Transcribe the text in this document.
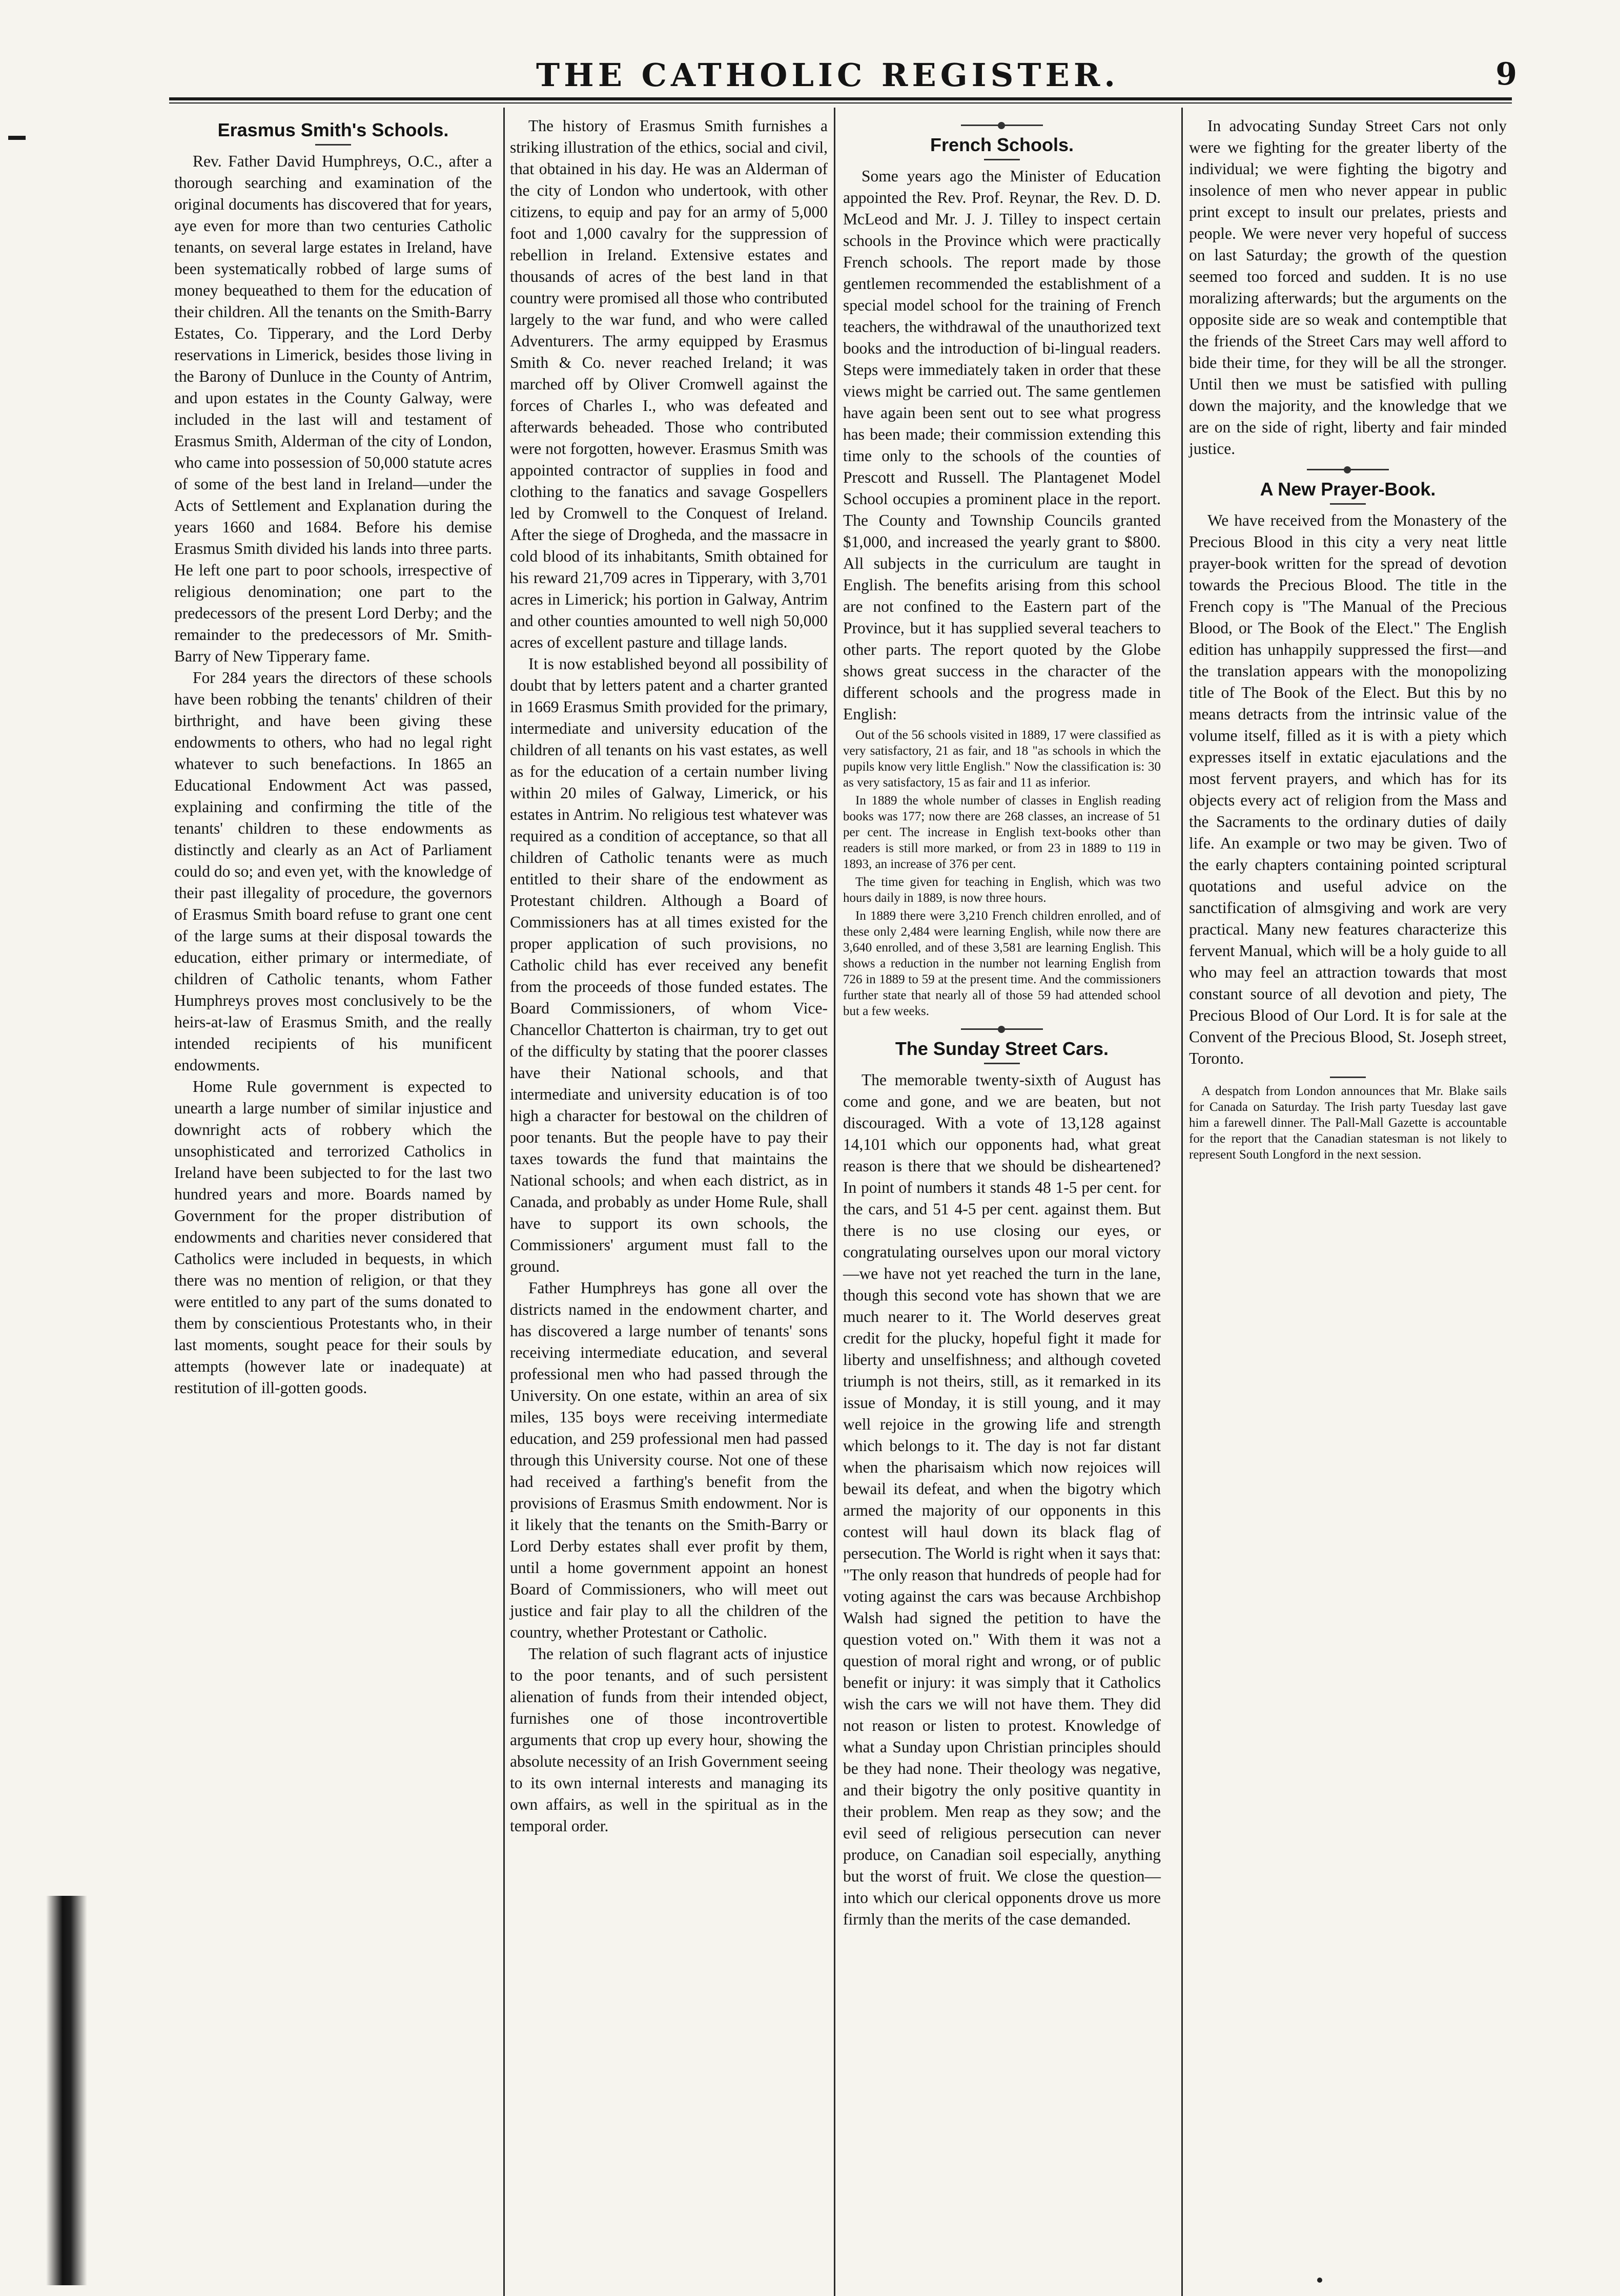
THE CATHOLIC REGISTER.	9
Erasmus Smith's Schools.

Rev. Father David Humphreys, O.C., after a thorough searching and examination of the original documents has discovered that for years, aye even for more than two centuries Catholic tenants, on several large estates in Ireland, have been systematically robbed of large sums of money bequeathed to them for the education of their children. All the tenants on the Smith-Barry Estates, Co. Tipperary, and the Lord Derby reservations in Limerick, besides those living in the Barony of Dunluce in the County of Antrim, and upon estates in the County Galway, were included in the last will and testament of Erasmus Smith, Alderman of the city of London, who came into possession of 50,000 statute acres of some of the best land in Ireland—under the Acts of Settlement and Explanation during the years 1660 and 1684. Before his demise Erasmus Smith divided his lands into three parts. He left one part to poor schools, irrespective of religious denomination; one part to the predecessors of the present Lord Derby; and the remainder to the predecessors of Mr. Smith-Barry of New Tipperary fame.

For 284 years the directors of these schools have been robbing the tenants' children of their birthright, and have been giving these endowments to others, who had no legal right whatever to such benefactions. In 1865 an Educational Endowment Act was passed, explaining and confirming the title of the tenants' children to these endowments as distinctly and clearly as an Act of Parliament could do so; and even yet, with the knowledge of their past illegality of procedure, the governors of Erasmus Smith board refuse to grant one cent of the large sums at their disposal towards the education, either primary or intermediate, of children of Catholic tenants, whom Father Humphreys proves most conclusively to be the heirs-at-law of Erasmus Smith, and the really intended recipients of his munificent endowments.

Home Rule government is expected to unearth a large number of similar injustice and downright acts of robbery which the unsophisticated and terrorized Catholics in Ireland have been subjected to for the last two hundred years and more. Boards named by Government for the proper distribution of endowments and charities never considered that Catholics were included in bequests, in which there was no mention of religion, or that they were entitled to any part of the sums donated to them by conscientious Protestants who, in their last moments, sought peace for their souls by attempts (however late or inadequate) at restitution of ill-gotten goods.

The history of Erasmus Smith furnishes a striking illustration of the ethics, social and civil, that obtained in his day. He was an Alderman of the city of London who undertook, with other citizens, to equip and pay for an army of 5,000 foot and 1,000 cavalry for the suppression of rebellion in Ireland. Extensive estates and thousands of acres of the best land in that country were promised all those who contributed largely to the war fund, and who were called Adventurers. The army equipped by Erasmus Smith & Co. never reached Ireland; it was marched off by Oliver Cromwell against the forces of Charles I., who was defeated and afterwards beheaded. Those who contributed were not forgotten, however. Erasmus Smith was appointed contractor of supplies in food and clothing to the fanatics and savage Gospellers led by Cromwell to the Conquest of Ireland. After the siege of Drogheda, and the massacre in cold blood of its inhabitants, Smith obtained for his reward 21,709 acres in Tipperary, with 3,701 acres in Limerick; his portion in Galway, Antrim and other counties amounted to well nigh 50,000 acres of excellent pasture and tillage lands.

It is now established beyond all possibility of doubt that by letters patent and a charter granted in 1669 Erasmus Smith provided for the primary, intermediate and university education of the children of all tenants on his vast estates, as well as for the education of a certain number living within 20 miles of Galway, Limerick, or his estates in Antrim. No religious test whatever was required as a condition of acceptance, so that all children of Catholic tenants were as much entitled to their share of the endowment as Protestant children. Although a Board of Commissioners has at all times existed for the proper application of such provisions, no Catholic child has ever received any benefit from the proceeds of those funded estates. The Board Commissioners, of whom Vice-Chancellor Chatterton is chairman, try to get out of the difficulty by stating that the poorer classes have their National schools, and that intermediate and university education is of too high a character for bestowal on the children of poor tenants. But the people have to pay their taxes towards the fund that maintains the National schools; and when each district, as in Canada, and probably as under Home Rule, shall have to support its own schools, the Commissioners' argument must fall to the ground.

Father Humphreys has gone all over the districts named in the endowment charter, and has discovered a large number of tenants' sons receiving intermediate education, and several professional men who had passed through the University. On one estate, within an area of six miles, 135 boys were receiving intermediate education, and 259 professional men had passed through this University course. Not one of these had received a farthing's benefit from the provisions of Erasmus Smith endowment. Nor is it likely that the tenants on the Smith-Barry or Lord Derby estates shall ever profit by them, until a home government appoint an honest Board of Commissioners, who will meet out justice and fair play to all the children of the country, whether Protestant or Catholic.

The relation of such flagrant acts of injustice to the poor tenants, and of such persistent alienation of funds from their intended object, furnishes one of those incontrovertible arguments that crop up every hour, showing the absolute necessity of an Irish Government seeing to its own internal interests and managing its own affairs, as well in the spiritual as in the temporal order.

French Schools.

Some years ago the Minister of Education appointed the Rev. Prof. Reynar, the Rev. D. D. McLeod and Mr. J. J. Tilley to inspect certain schools in the Province which were practically French schools. The report made by those gentlemen recommended the establishment of a special model school for the training of French teachers, the withdrawal of the unauthorized text books and the introduction of bi-lingual readers. Steps were immediately taken in order that these views might be carried out. The same gentlemen have again been sent out to see what progress has been made; their commission extending this time only to the schools of the counties of Prescott and Russell. The Plantagenet Model School occupies a prominent place in the report. The County and Township Councils granted $1,000, and increased the yearly grant to $800. All subjects in the curriculum are taught in English. The benefits arising from this school are not confined to the Eastern part of the Province, but it has supplied several teachers to other parts. The report quoted by the Globe shows great success in the character of the different schools and the progress made in English:

Out of the 56 schools visited in 1889, 17 were classified as very satisfactory, 21 as fair, and 18 "as schools in which the pupils know very little English." Now the classification is: 30 as very satisfactory, 15 as fair and 11 as inferior.

In 1889 the whole number of classes in English reading books was 177; now there are 268 classes, an increase of 51 per cent. The increase in English text-books other than readers is still more marked, or from 23 in 1889 to 119 in 1893, an increase of 376 per cent.

The time given for teaching in English, which was two hours daily in 1889, is now three hours.

In 1889 there were 3,210 French children enrolled, and of these only 2,484 were learning English, while now there are 3,640 enrolled, and of these 3,581 are learning English. This shows a reduction in the number not learning English from 726 in 1889 to 59 at the present time. And the commissioners further state that nearly all of those 59 had attended school but a few weeks.

The Sunday Street Cars.

The memorable twenty-sixth of August has come and gone, and we are beaten, but not discouraged. With a vote of 13,128 against 14,101 which our opponents had, what great reason is there that we should be disheartened? In point of numbers it stands 48 1-5 per cent. for the cars, and 51 4-5 per cent. against them. But there is no use closing our eyes, or congratulating ourselves upon our moral victory—we have not yet reached the turn in the lane, though this second vote has shown that we are much nearer to it. The World deserves great credit for the plucky, hopeful fight it made for liberty and unselfishness; and although coveted triumph is not theirs, still, as it remarked in its issue of Monday, it is still young, and it may well rejoice in the growing life and strength which belongs to it. The day is not far distant when the pharisaism which now rejoices will bewail its defeat, and when the bigotry which armed the majority of our opponents in this contest will haul down its black flag of persecution. The World is right when it says that: "The only reason that hundreds of people had for voting against the cars was because Archbishop Walsh had signed the petition to have the question voted on." With them it was not a question of moral right and wrong, or of public benefit or injury: it was simply that it Catholics wish the cars we will not have them. They did not reason or listen to protest. Knowledge of what a Sunday upon Christian principles should be they had none. Their theology was negative, and their bigotry the only positive quantity in their problem. Men reap as they sow; and the evil seed of religious persecution can never produce, on Canadian soil especially, anything but the worst of fruit. We close the question—into which our clerical opponents drove us more firmly than the merits of the case demanded.

In advocating Sunday Street Cars not only were we fighting for the greater liberty of the individual; we were fighting the bigotry and insolence of men who never appear in public print except to insult our prelates, priests and people. We were never very hopeful of success on last Saturday; the growth of the question seemed too forced and sudden. It is no use moralizing afterwards; but the arguments on the opposite side are so weak and contemptible that the friends of the Street Cars may well afford to bide their time, for they will be all the stronger. Until then we must be satisfied with pulling down the majority, and the knowledge that we are on the side of right, liberty and fair minded justice.

A New Prayer-Book.

We have received from the Monastery of the Precious Blood in this city a very neat little prayer-book written for the spread of devotion towards the Precious Blood. The title in the French copy is "The Manual of the Precious Blood, or The Book of the Elect." The English edition has unhappily suppressed the first—and the translation appears with the monopolizing title of The Book of the Elect. But this by no means detracts from the intrinsic value of the volume itself, filled as it is with a piety which expresses itself in extatic ejaculations and the most fervent prayers, and which has for its objects every act of religion from the Mass and the Sacraments to the ordinary duties of daily life. An example or two may be given. Two of the early chapters containing pointed scriptural quotations and useful advice on the sanctification of almsgiving and work are very practical. Many new features characterize this fervent Manual, which will be a holy guide to all who may feel an attraction towards that most constant source of all devotion and piety, The Precious Blood of Our Lord. It is for sale at the Convent of the Precious Blood, St. Joseph street, Toronto.

A despatch from London announces that Mr. Blake sails for Canada on Saturday. The Irish party Tuesday last gave him a farewell dinner. The Pall-Mall Gazette is accountable for the report that the Canadian statesman is not likely to represent South Longford in the next session.
